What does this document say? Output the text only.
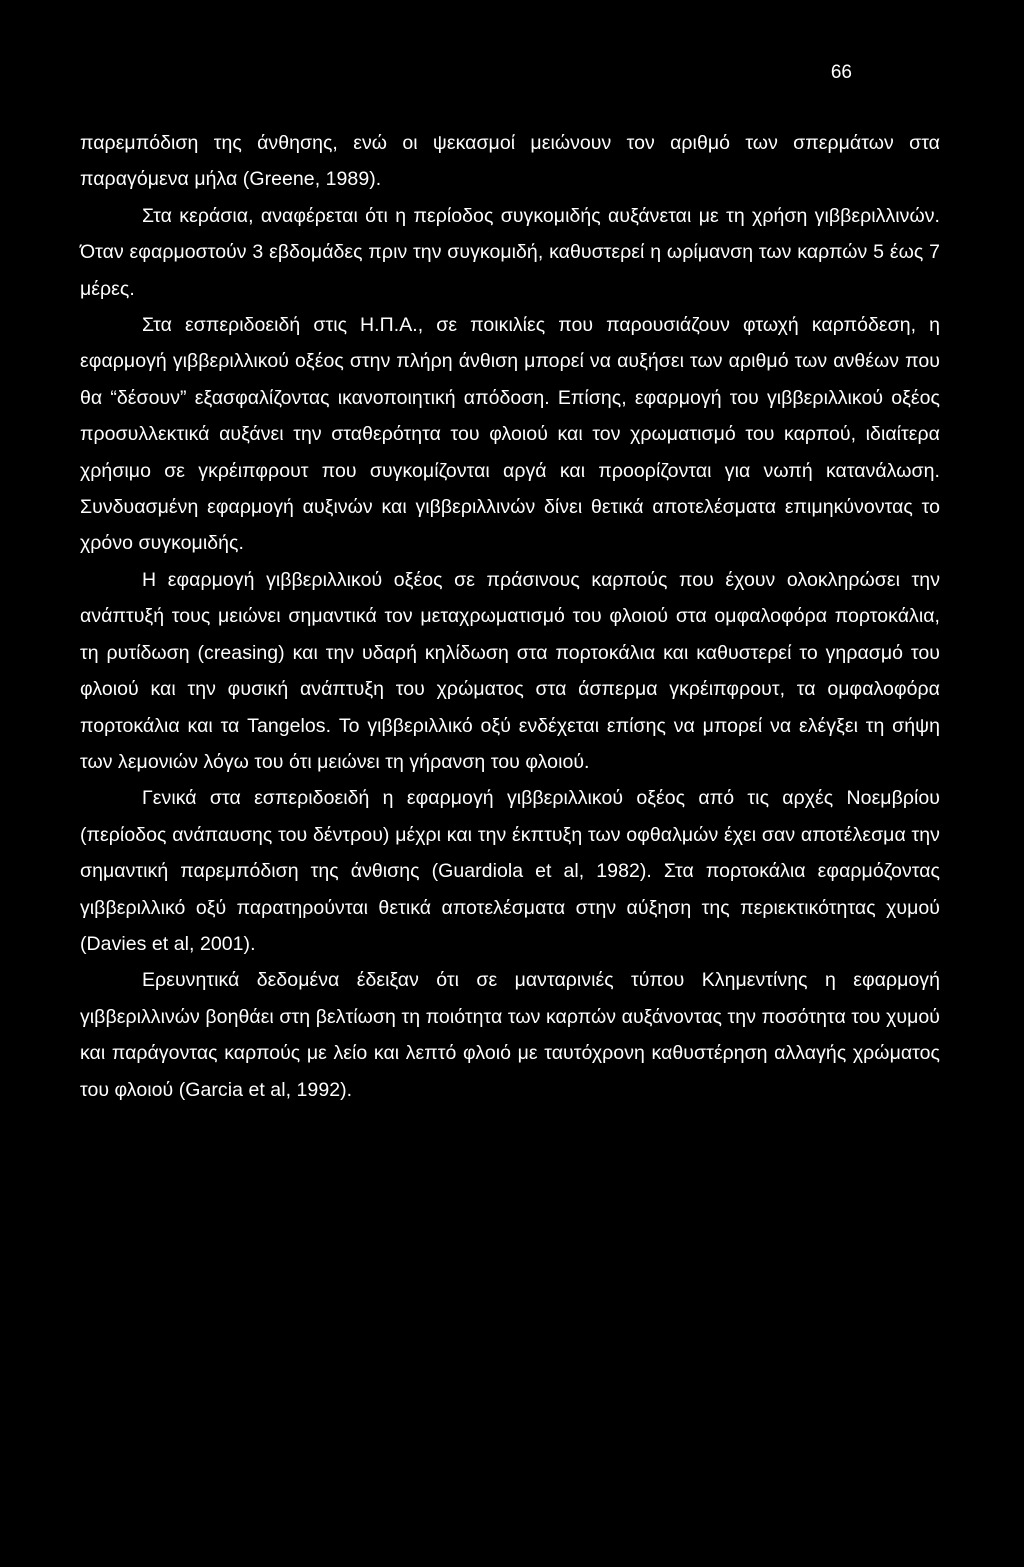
66

παρεμπόδιση της άνθησης, ενώ οι ψεκασμοί μειώνουν τον αριθμό των σπερμάτων στα παραγόμενα μήλα (Greene, 1989).

Στα κεράσια, αναφέρεται ότι η περίοδος συγκομιδής αυξάνεται με τη χρήση γιββεριλλινών. Όταν εφαρμοστούν 3 εβδομάδες πριν την συγκομιδή, καθυστερεί η ωρίμανση των καρπών 5 έως 7 μέρες.

Στα εσπεριδοειδή στις Η.Π.Α., σε ποικιλίες που παρουσιάζουν φτωχή καρπόδεση, η εφαρμογή γιββεριλλικού οξέος στην πλήρη άνθιση μπορεί να αυξήσει των αριθμό των ανθέων που θα “δέσουν” εξασφαλίζοντας ικανοποιητική απόδοση. Επίσης, εφαρμογή του γιββεριλλικού οξέος προσυλλεκτικά αυξάνει την σταθερότητα του φλοιού και τον χρωματισμό του καρπού, ιδιαίτερα χρήσιμο σε γκρέιπφρουτ που συγκομίζονται αργά και προορίζονται για νωπή κατανάλωση. Συνδυασμένη εφαρμογή αυξινών και γιββεριλλινών δίνει θετικά αποτελέσματα επιμηκύνοντας το χρόνο συγκομιδής.

Η εφαρμογή γιββεριλλικού οξέος σε πράσινους καρπούς που έχουν ολοκληρώσει την ανάπτυξή τους μειώνει σημαντικά τον μεταχρωματισμό του φλοιού στα ομφαλοφόρα πορτοκάλια, τη ρυτίδωση (creasing) και την υδαρή κηλίδωση στα πορτοκάλια και καθυστερεί το γηρασμό του φλοιού και την φυσική ανάπτυξη του χρώματος στα άσπερμα γκρέιπφρουτ, τα ομφαλοφόρα πορτοκάλια και τα Tangelos. Το γιββεριλλικό οξύ ενδέχεται επίσης να μπορεί να ελέγξει τη σήψη των λεμονιών λόγω του ότι μειώνει τη γήρανση του φλοιού.

Γενικά στα εσπεριδοειδή η εφαρμογή γιββεριλλικού οξέος από τις αρχές Νοεμβρίου (περίοδος ανάπαυσης του δέντρου) μέχρι και την έκπτυξη των οφθαλμών έχει σαν αποτέλεσμα την σημαντική παρεμπόδιση της άνθισης (Guardiola et al, 1982). Στα πορτοκάλια εφαρμόζοντας γιββεριλλικό οξύ παρατηρούνται θετικά αποτελέσματα στην αύξηση της περιεκτικότητας χυμού (Davies et al, 2001).

Ερευνητικά δεδομένα έδειξαν ότι σε μανταρινιές τύπου Κλημεντίνης η εφαρμογή γιββεριλλινών βοηθάει στη βελτίωση τη ποιότητα των καρπών αυξάνοντας την ποσότητα του χυμού και παράγοντας καρπούς με λείο και λεπτό φλοιό με ταυτόχρονη καθυστέρηση αλλαγής χρώματος του φλοιού (Garcia et al, 1992).
